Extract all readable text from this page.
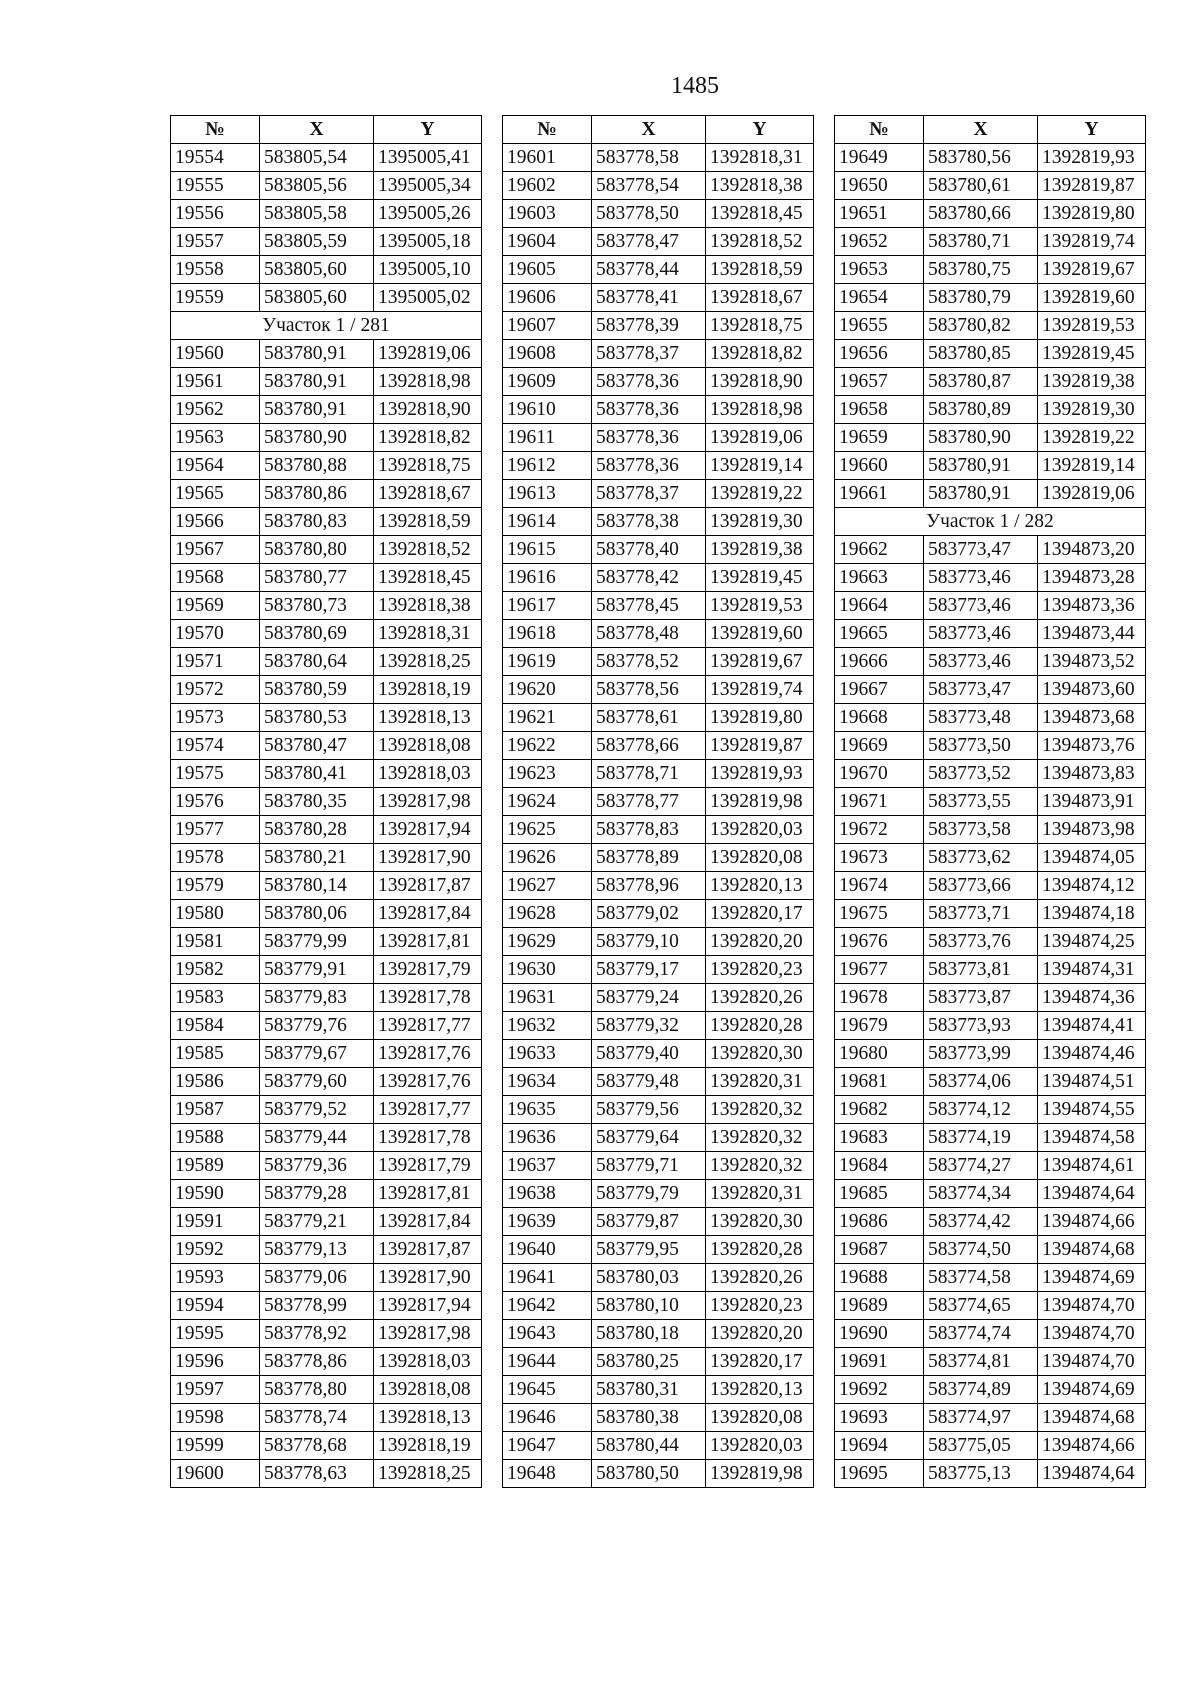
1485
№	X	Y
19554	583805,54	1395005,41
19555	583805,56	1395005,34
19556	583805,58	1395005,26
19557	583805,59	1395005,18
19558	583805,60	1395005,10
19559	583805,60	1395005,02
Участок 1 / 281		
19560	583780,91	1392819,06
19561	583780,91	1392818,98
19562	583780,91	1392818,90
19563	583780,90	1392818,82
19564	583780,88	1392818,75
19565	583780,86	1392818,67
19566	583780,83	1392818,59
19567	583780,80	1392818,52
19568	583780,77	1392818,45
19569	583780,73	1392818,38
19570	583780,69	1392818,31
19571	583780,64	1392818,25
19572	583780,59	1392818,19
19573	583780,53	1392818,13
19574	583780,47	1392818,08
19575	583780,41	1392818,03
19576	583780,35	1392817,98
19577	583780,28	1392817,94
19578	583780,21	1392817,90
19579	583780,14	1392817,87
19580	583780,06	1392817,84
19581	583779,99	1392817,81
19582	583779,91	1392817,79
19583	583779,83	1392817,78
19584	583779,76	1392817,77
19585	583779,67	1392817,76
19586	583779,60	1392817,76
19587	583779,52	1392817,77
19588	583779,44	1392817,78
19589	583779,36	1392817,79
19590	583779,28	1392817,81
19591	583779,21	1392817,84
19592	583779,13	1392817,87
19593	583779,06	1392817,90
19594	583778,99	1392817,94
19595	583778,92	1392817,98
19596	583778,86	1392818,03
19597	583778,80	1392818,08
19598	583778,74	1392818,13
19599	583778,68	1392818,19
19600	583778,63	1392818,25
№	X	Y
19601	583778,58	1392818,31
19602	583778,54	1392818,38
19603	583778,50	1392818,45
19604	583778,47	1392818,52
19605	583778,44	1392818,59
19606	583778,41	1392818,67
19607	583778,39	1392818,75
19608	583778,37	1392818,82
19609	583778,36	1392818,90
19610	583778,36	1392818,98
19611	583778,36	1392819,06
19612	583778,36	1392819,14
19613	583778,37	1392819,22
19614	583778,38	1392819,30
19615	583778,40	1392819,38
19616	583778,42	1392819,45
19617	583778,45	1392819,53
19618	583778,48	1392819,60
19619	583778,52	1392819,67
19620	583778,56	1392819,74
19621	583778,61	1392819,80
19622	583778,66	1392819,87
19623	583778,71	1392819,93
19624	583778,77	1392819,98
19625	583778,83	1392820,03
19626	583778,89	1392820,08
19627	583778,96	1392820,13
19628	583779,02	1392820,17
19629	583779,10	1392820,20
19630	583779,17	1392820,23
19631	583779,24	1392820,26
19632	583779,32	1392820,28
19633	583779,40	1392820,30
19634	583779,48	1392820,31
19635	583779,56	1392820,32
19636	583779,64	1392820,32
19637	583779,71	1392820,32
19638	583779,79	1392820,31
19639	583779,87	1392820,30
19640	583779,95	1392820,28
19641	583780,03	1392820,26
19642	583780,10	1392820,23
19643	583780,18	1392820,20
19644	583780,25	1392820,17
19645	583780,31	1392820,13
19646	583780,38	1392820,08
19647	583780,44	1392820,03
19648	583780,50	1392819,98
№	X	Y
19649	583780,56	1392819,93
19650	583780,61	1392819,87
19651	583780,66	1392819,80
19652	583780,71	1392819,74
19653	583780,75	1392819,67
19654	583780,79	1392819,60
19655	583780,82	1392819,53
19656	583780,85	1392819,45
19657	583780,87	1392819,38
19658	583780,89	1392819,30
19659	583780,90	1392819,22
19660	583780,91	1392819,14
19661	583780,91	1392819,06
Участок 1 / 282		
19662	583773,47	1394873,20
19663	583773,46	1394873,28
19664	583773,46	1394873,36
19665	583773,46	1394873,44
19666	583773,46	1394873,52
19667	583773,47	1394873,60
19668	583773,48	1394873,68
19669	583773,50	1394873,76
19670	583773,52	1394873,83
19671	583773,55	1394873,91
19672	583773,58	1394873,98
19673	583773,62	1394874,05
19674	583773,66	1394874,12
19675	583773,71	1394874,18
19676	583773,76	1394874,25
19677	583773,81	1394874,31
19678	583773,87	1394874,36
19679	583773,93	1394874,41
19680	583773,99	1394874,46
19681	583774,06	1394874,51
19682	583774,12	1394874,55
19683	583774,19	1394874,58
19684	583774,27	1394874,61
19685	583774,34	1394874,64
19686	583774,42	1394874,66
19687	583774,50	1394874,68
19688	583774,58	1394874,69
19689	583774,65	1394874,70
19690	583774,74	1394874,70
19691	583774,81	1394874,70
19692	583774,89	1394874,69
19693	583774,97	1394874,68
19694	583775,05	1394874,66
19695	583775,13	1394874,64
